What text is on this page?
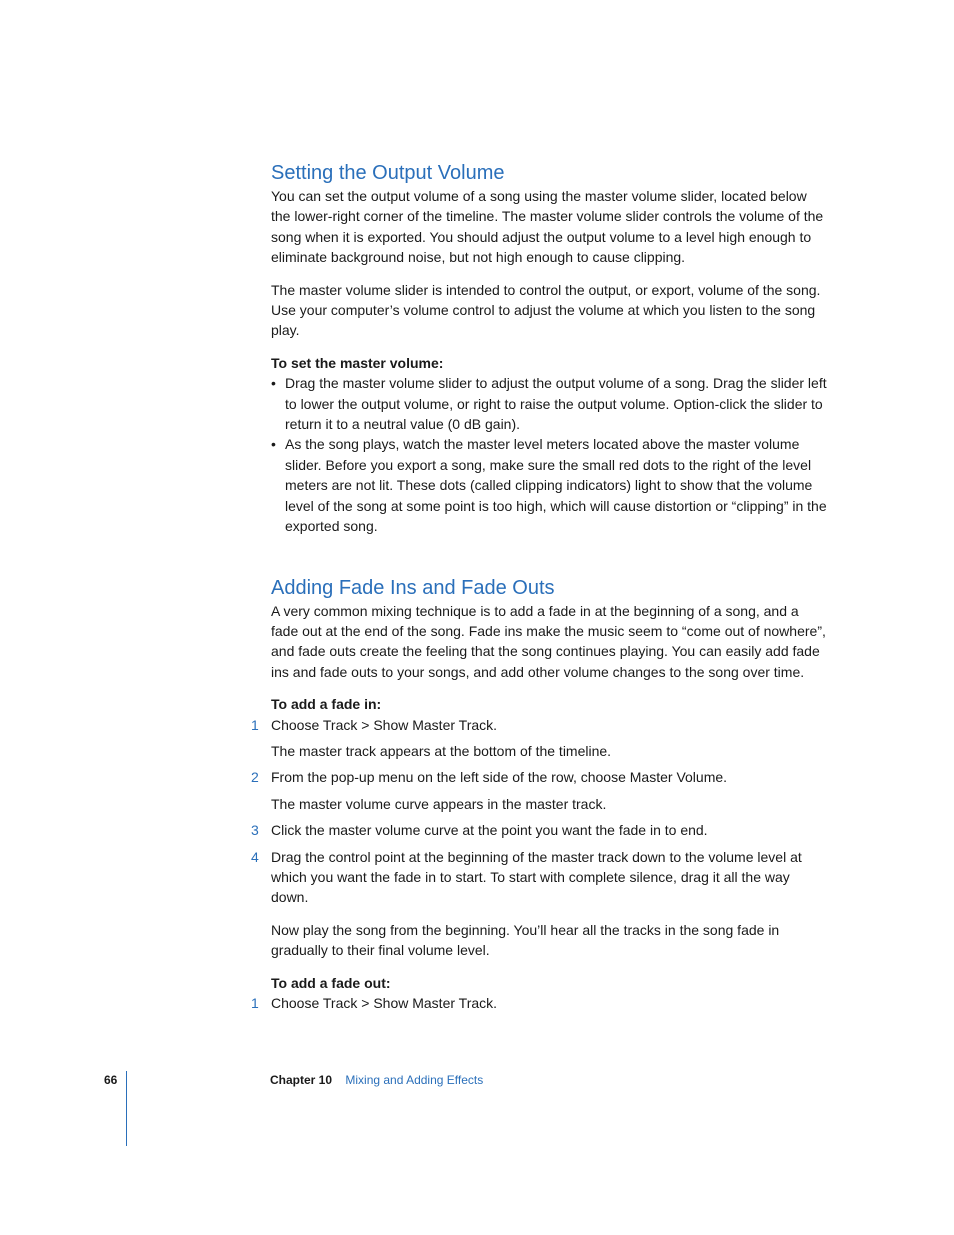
Setting the Output Volume

You can set the output volume of a song using the master volume slider, located below the lower-right corner of the timeline. The master volume slider controls the volume of the song when it is exported. You should adjust the output volume to a level high enough to eliminate background noise, but not high enough to cause clipping.

The master volume slider is intended to control the output, or export, volume of the song. Use your computer’s volume control to adjust the volume at which you listen to the song play.

To set the master volume:

• Drag the master volume slider to adjust the output volume of a song. Drag the slider left to lower the output volume, or right to raise the output volume. Option-click the slider to return it to a neutral value (0 dB gain).
• As the song plays, watch the master level meters located above the master volume slider. Before you export a song, make sure the small red dots to the right of the level meters are not lit. These dots (called clipping indicators) light to show that the volume level of the song at some point is too high, which will cause distortion or “clipping” in the exported song.
Adding Fade Ins and Fade Outs

A very common mixing technique is to add a fade in at the beginning of a song, and a fade out at the end of the song. Fade ins make the music seem to “come out of nowhere”, and fade outs create the feeling that the song continues playing. You can easily add fade ins and fade outs to your songs, and add other volume changes to the song over time.

To add a fade in:

1 Choose Track > Show Master Track.

The master track appears at the bottom of the timeline.

2 From the pop-up menu on the left side of the row, choose Master Volume.

The master volume curve appears in the master track.

3 Click the master volume curve at the point you want the fade in to end.
4 Drag the control point at the beginning of the master track down to the volume level at which you want the fade in to start. To start with complete silence, drag it all the way down.

Now play the song from the beginning. You’ll hear all the tracks in the song fade in gradually to their final volume level.

To add a fade out:

1 Choose Track > Show Master Track.
66	Chapter 10 Mixing and Adding Effects
